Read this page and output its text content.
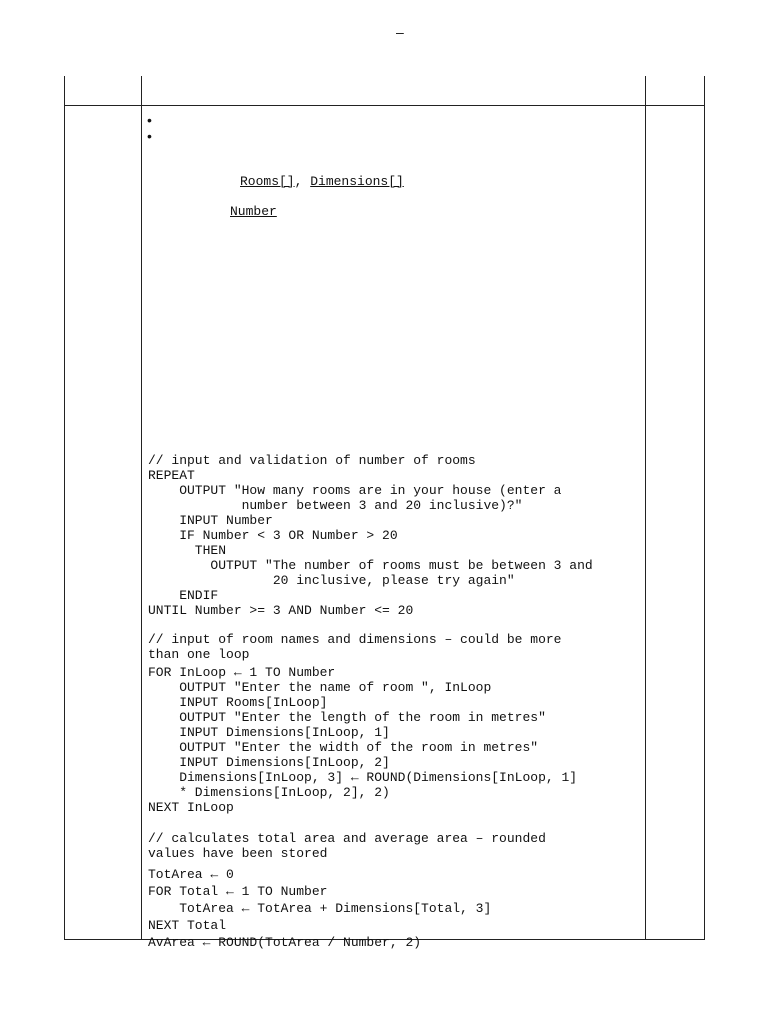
–
•
•
Rooms[], Dimensions[]
Number

// input and validation of number of rooms
REPEAT
OUTPUT "How many rooms are in your house (enter a
number between 3 and 20 inclusive)?"
INPUT Number
IF Number < 3 OR Number > 20
THEN
OUTPUT "The number of rooms must be between 3 and
20 inclusive, please try again"
ENDIF
UNTIL Number >= 3 AND Number <= 20

// input of room names and dimensions – could be more
than one loop

FOR InLoop ← 1 TO Number
OUTPUT "Enter the name of room ", InLoop
INPUT Rooms[InLoop]
OUTPUT "Enter the length of the room in metres"
INPUT Dimensions[InLoop, 1]
OUTPUT "Enter the width of the room in metres"
INPUT Dimensions[InLoop, 2]
Dimensions[InLoop, 3] ← ROUND(Dimensions[InLoop, 1]
* Dimensions[InLoop, 2], 2)
NEXT InLoop

// calculates total area and average area – rounded
values have been stored

TotArea ← 0
FOR Total ← 1 TO Number
TotArea ← TotArea + Dimensions[Total, 3]
NEXT Total
AvArea ← ROUND(TotArea / Number, 2)
